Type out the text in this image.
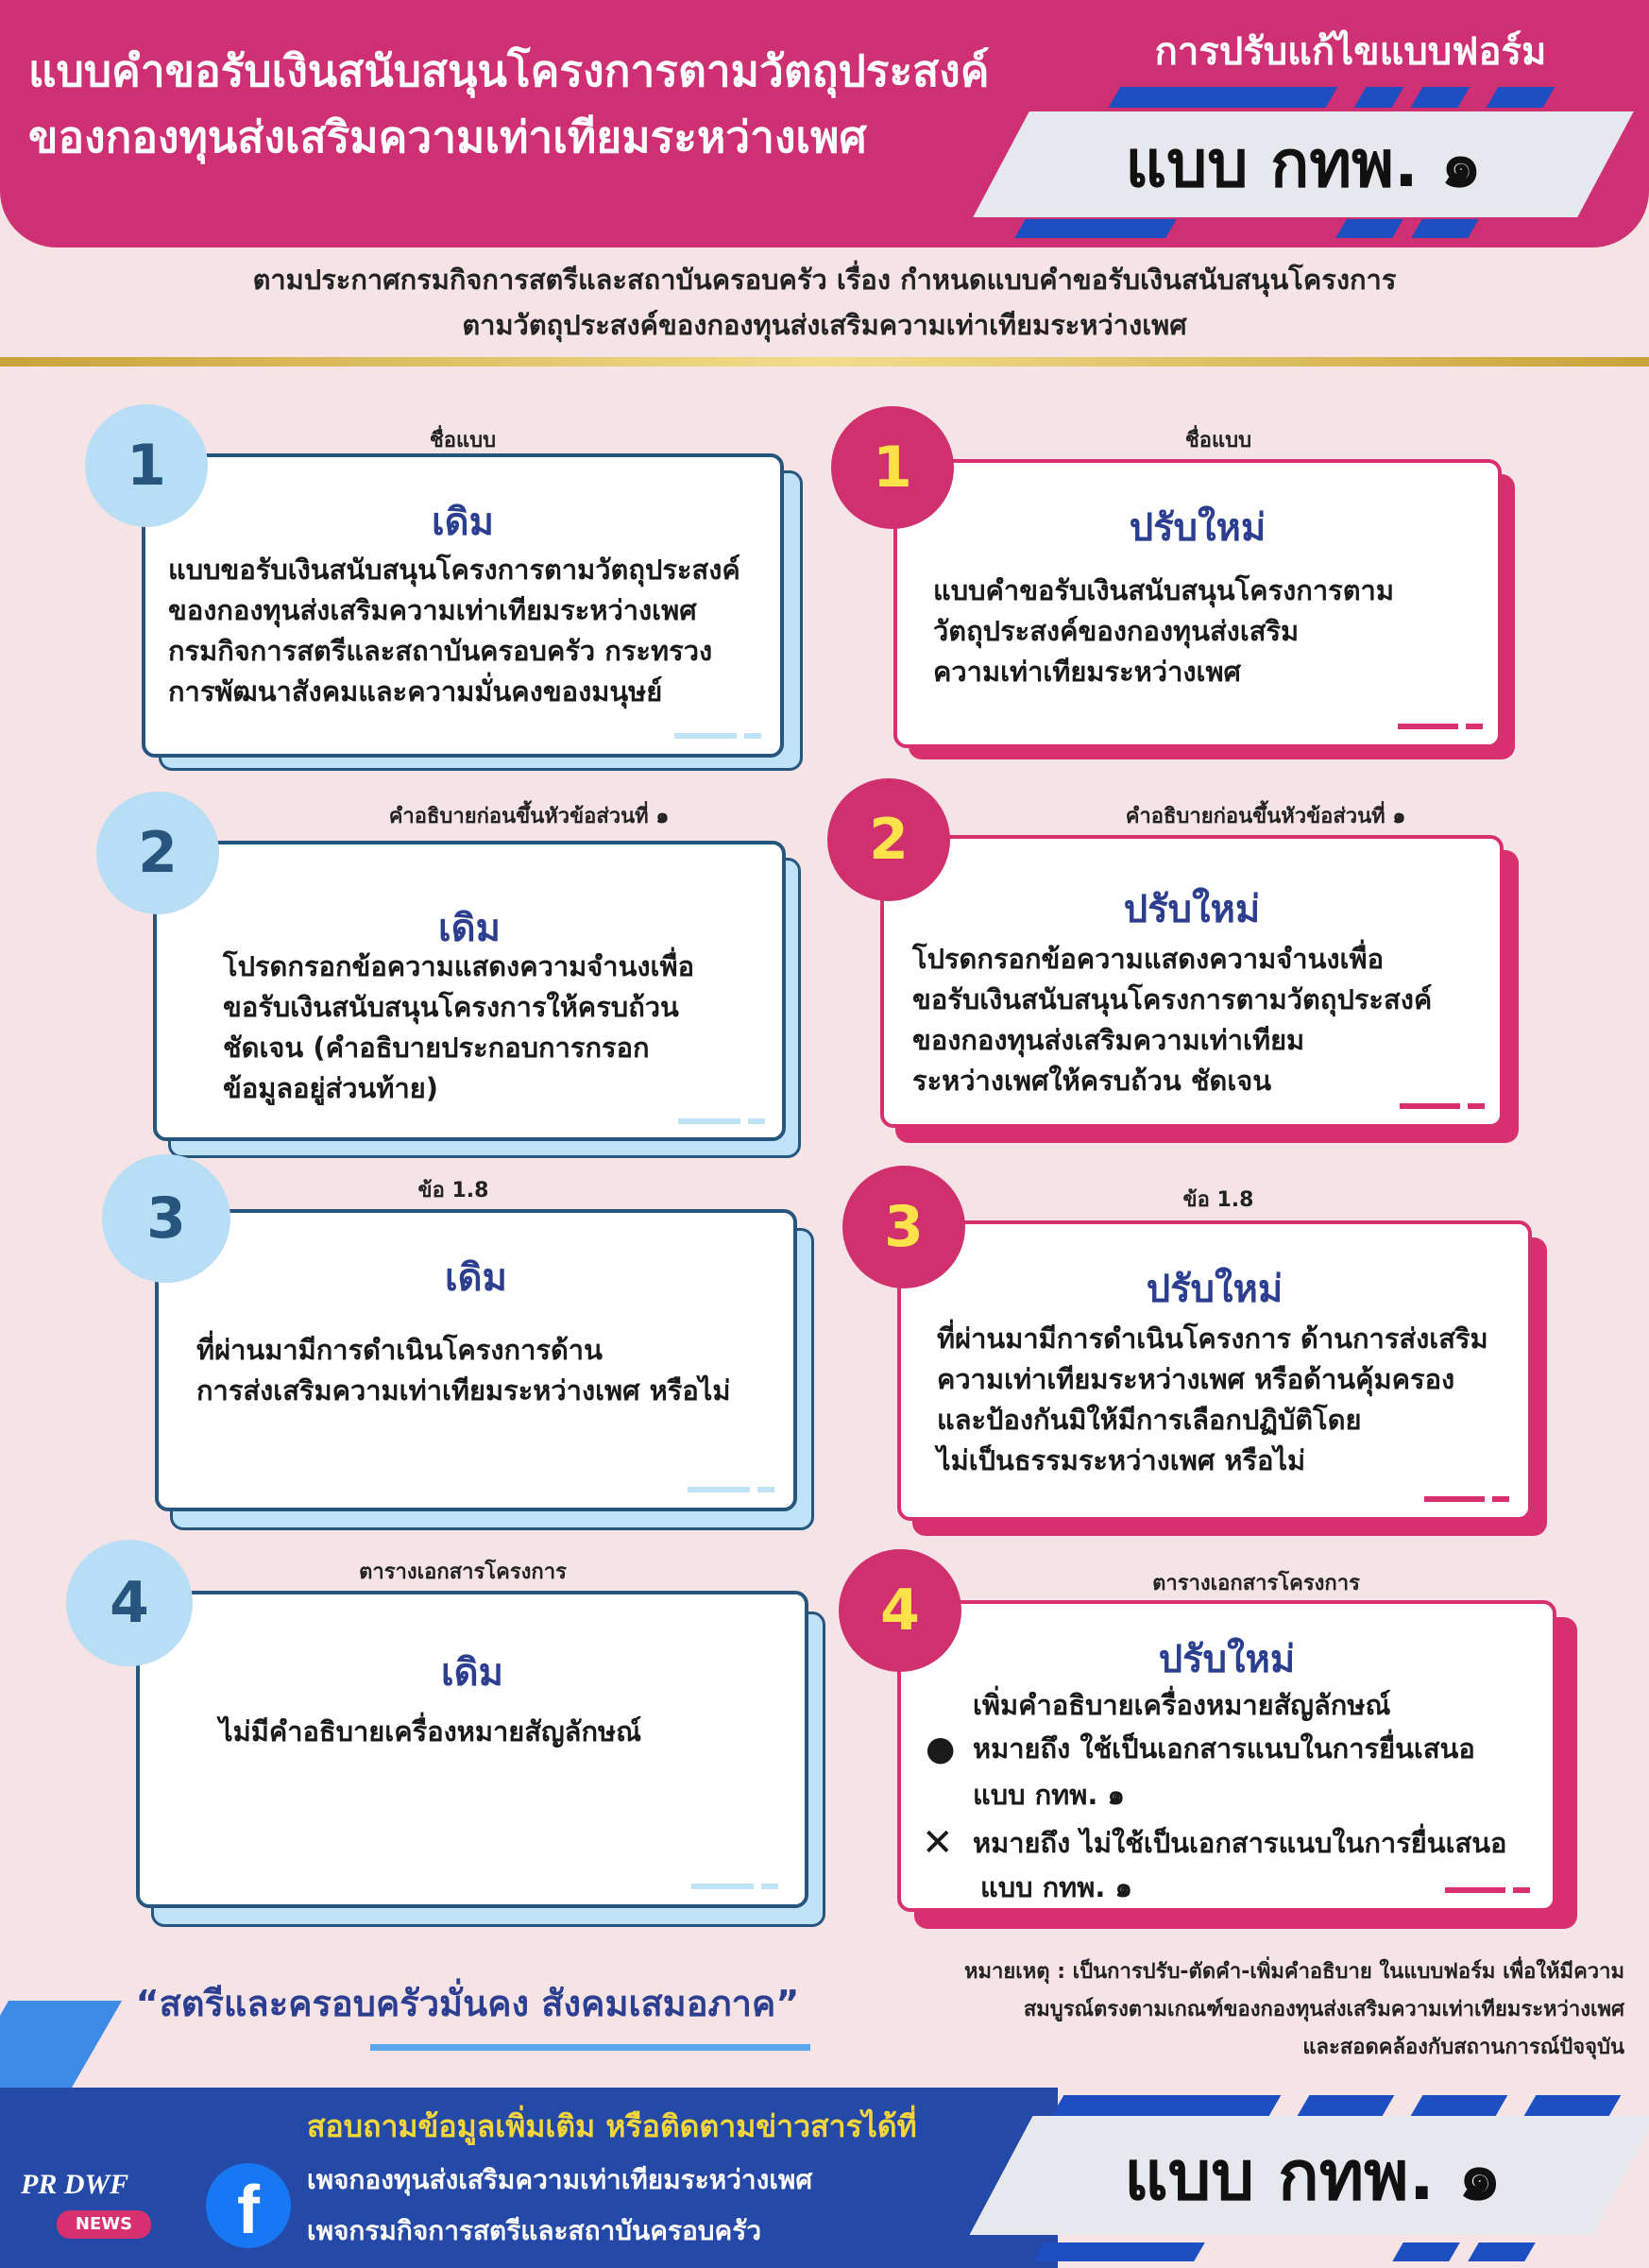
แบบคำขอรับเงินสนับสนุนโครงการตามวัตถุประสงค์
ของกองทุนส่งเสริมความเท่าเทียมระหว่างเพศ
การปรับแก้ไขแบบฟอร์ม
แบบ กทพ. ๑
ตามประกาศกรมกิจการสตรีและสถาบันครอบครัว เรื่อง กำหนดแบบคำขอรับเงินสนับสนุนโครงการ
ตามวัตถุประสงค์ของกองทุนส่งเสริมความเท่าเทียมระหว่างเพศ
ชื่อแบบ
เดิม
แบบขอรับเงินสนับสนุนโครงการตามวัตถุประสงค์
ของกองทุนส่งเสริมความเท่าเทียมระหว่างเพศ
กรมกิจการสตรีและสถาบันครอบครัว กระทรวง
การพัฒนาสังคมและความมั่นคงของมนุษย์
1	ชื่อแบบ
ปรับใหม่
แบบคำขอรับเงินสนับสนุนโครงการตาม
วัตถุประสงค์ของกองทุนส่งเสริม
ความเท่าเทียมระหว่างเพศ
1
คำอธิบายก่อนขึ้นหัวข้อส่วนที่ ๑
เดิม
โปรดกรอกข้อความแสดงความจำนงเพื่อ
ขอรับเงินสนับสนุนโครงการให้ครบถ้วน
ชัดเจน (คำอธิบายประกอบการกรอก
ข้อมูลอยู่ส่วนท้าย)
2
คำอธิบายก่อนขึ้นหัวข้อส่วนที่ ๑
ปรับใหม่
โปรดกรอกข้อความแสดงความจำนงเพื่อ
ขอรับเงินสนับสนุนโครงการตามวัตถุประสงค์
ของกองทุนส่งเสริมความเท่าเทียม
ระหว่างเพศให้ครบถ้วน ชัดเจน
2
ข้อ 1.8
เดิม
ที่ผ่านมามีการดำเนินโครงการด้าน
การส่งเสริมความเท่าเทียมระหว่างเพศ หรือไม่
3	ข้อ 1.8
ปรับใหม่
ที่ผ่านมามีการดำเนินโครงการ ด้านการส่งเสริม
ความเท่าเทียมระหว่างเพศ หรือด้านคุ้มครอง
และป้องกันมิให้มีการเลือกปฏิบัติโดย
ไม่เป็นธรรมระหว่างเพศ หรือไม่
3
ตารางเอกสารโครงการ
เดิม
ไม่มีคำอธิบายเครื่องหมายสัญลักษณ์
4	ตารางเอกสารโครงการ
ปรับใหม่
เพิ่มคำอธิบายเครื่องหมายสัญลักษณ์
● หมายถึง ใช้เป็นเอกสารแนบในการยื่นเสนอ
แบบ กทพ. ๑
✕ หมายถึง ไม่ใช้เป็นเอกสารแนบในการยื่นเสนอ
แบบ กทพ. ๑
4
“สตรีและครอบครัวมั่นคง สังคมเสมอภาค”
หมายเหตุ : เป็นการปรับ-ตัดคำ-เพิ่มคำอธิบาย ในแบบฟอร์ม เพื่อให้มีความ
สมบูรณ์ตรงตามเกณฑ์ของกองทุนส่งเสริมความเท่าเทียมระหว่างเพศ
และสอดคล้องกับสถานการณ์ปัจจุบัน
สอบถามข้อมูลเพิ่มเติม หรือติดตามข่าวสารได้ที่
เพจกองทุนส่งเสริมความเท่าเทียมระหว่างเพศ
เพจกรมกิจการสตรีและสถาบันครอบครัว
f
PR DWF
NEWS
แบบ กทพ. ๑
